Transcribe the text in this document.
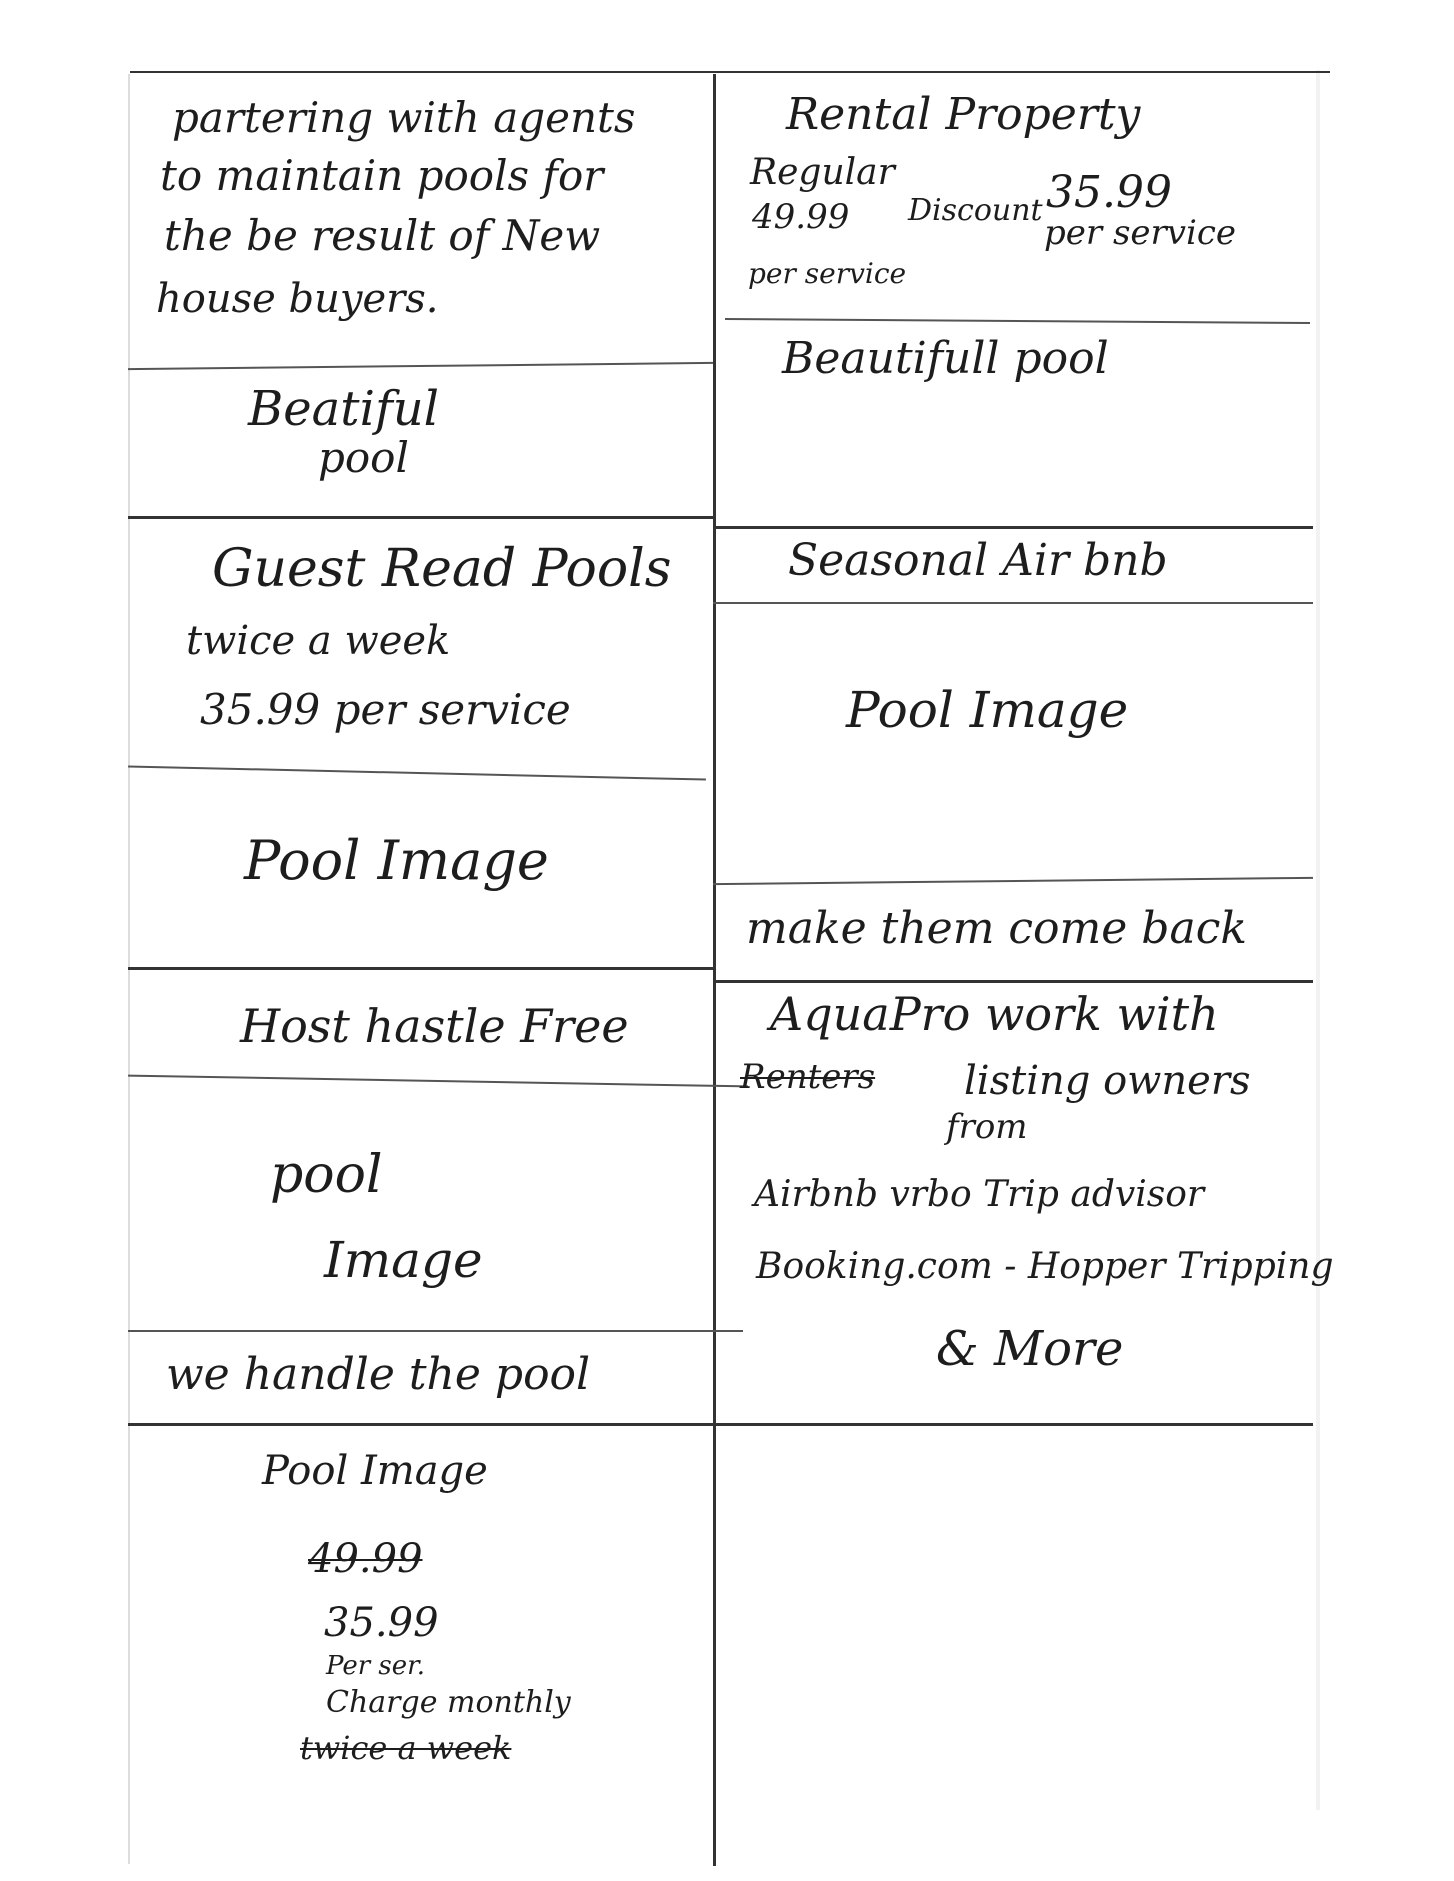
partering with agents
to maintain pools for
the be result of New
house buyers.
Beatiful
pool
Rental Property
Regular
49.99
per service
Discount 35.99
per service
Beautifull pool
Guest Read Pools
twice a week
35.99 per service
Pool Image
Seasonal Air bnb
Pool Image
make them come back
Host hastle Free
pool
Image
we handle the pool
AquaPro work with
Renters listing owners
from
Airbnb vrbo Trip advisor
Booking.com - Hopper Tripping
& More
Pool Image
49.99
35.99
Per ser.
Charge monthly
twice a week
